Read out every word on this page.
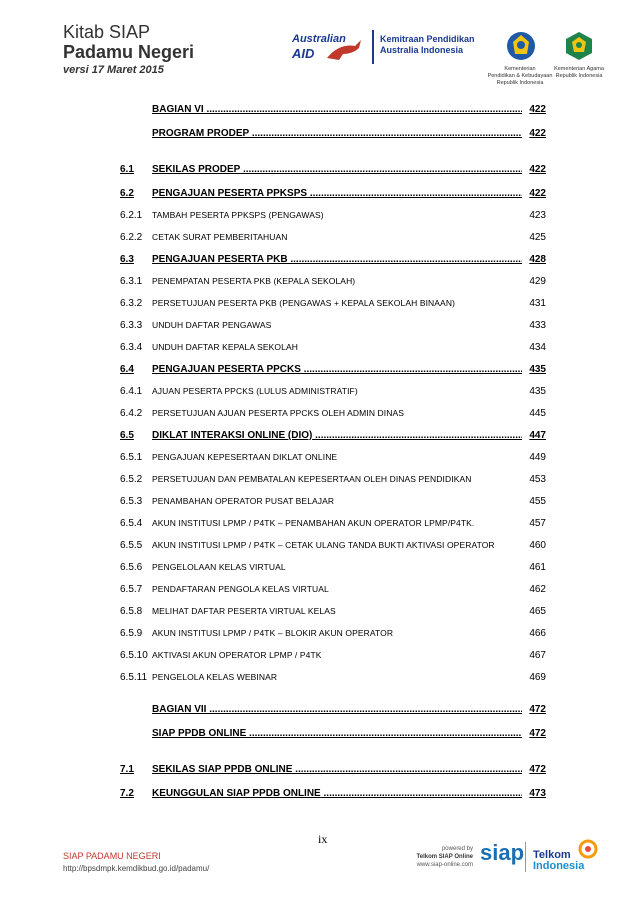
Kitab SIAP
Padamu Negeri
versi 17 Maret 2015
Australian
AID
Kemitraan Pendidikan
Australia Indonesia
Kementerian
Pendidikan & Kebudayaan
Republik Indonesia
Kementerian Agama
Republik Indonesia
BAGIAN VI .....	422
PROGRAM PRODEP .....	422
6.1	SEKILAS PRODEP .....	422
6.2	PENGAJUAN PESERTA PPKSPS .....	422
6.2.1	TAMBAH PESERTA PPKSPS (PENGAWAS)	423
6.2.2	CETAK SURAT PEMBERITAHUAN	425
6.3	PENGAJUAN PESERTA PKB .....	428
6.3.1	PENEMPATAN PESERTA PKB (KEPALA SEKOLAH)	429
6.3.2	PERSETUJUAN PESERTA PKB (PENGAWAS + KEPALA SEKOLAH BINAAN)	431
6.3.3	UNDUH DAFTAR PENGAWAS	433
6.3.4	UNDUH DAFTAR KEPALA SEKOLAH	434
6.4	PENGAJUAN PESERTA PPCKS .....	435
6.4.1	AJUAN PESERTA PPCKS (LULUS ADMINISTRATIF)	435
6.4.2	PERSETUJUAN AJUAN PESERTA PPCKS OLEH ADMIN DINAS	445
6.5	DIKLAT INTERAKSI ONLINE (DIO) .....	447
6.5.1	PENGAJUAN KEPESERTAAN DIKLAT ONLINE	449
6.5.2	PERSETUJUAN DAN PEMBATALAN KEPESERTAAN OLEH DINAS PENDIDIKAN	453
6.5.3	PENAMBAHAN OPERATOR PUSAT BELAJAR	455
6.5.4	AKUN INSTITUSI LPMP / P4TK – PENAMBAHAN AKUN OPERATOR LPMP/P4TK.	457
6.5.5	AKUN INSTITUSI LPMP / P4TK – CETAK ULANG TANDA BUKTI AKTIVASI OPERATOR	460
6.5.6	PENGELOLAAN KELAS VIRTUAL	461
6.5.7	PENDAFTARAN PENGOLA KELAS VIRTUAL	462
6.5.8	MELIHAT DAFTAR PESERTA VIRTUAL KELAS	465
6.5.9	AKUN INSTITUSI LPMP / P4TK – BLOKIR AKUN OPERATOR	466
6.5.10 AKTIVASI AKUN OPERATOR LPMP / P4TK	467
6.5.11 PENGELOLA KELAS WEBINAR	469
BAGIAN VII .....	472
SIAP PPDB ONLINE .....	472
7.1	SEKILAS SIAP PPDB ONLINE .....	472
7.2	KEUNGGULAN SIAP PPDB ONLINE .....	473
ix
SIAP PADAMU NEGERI
http://bpsdmpk.kemdikbud.go.id/padamu/
powered by
Telkom SIAP Online
www.siap-online.com siap Telkom
Indonesia
